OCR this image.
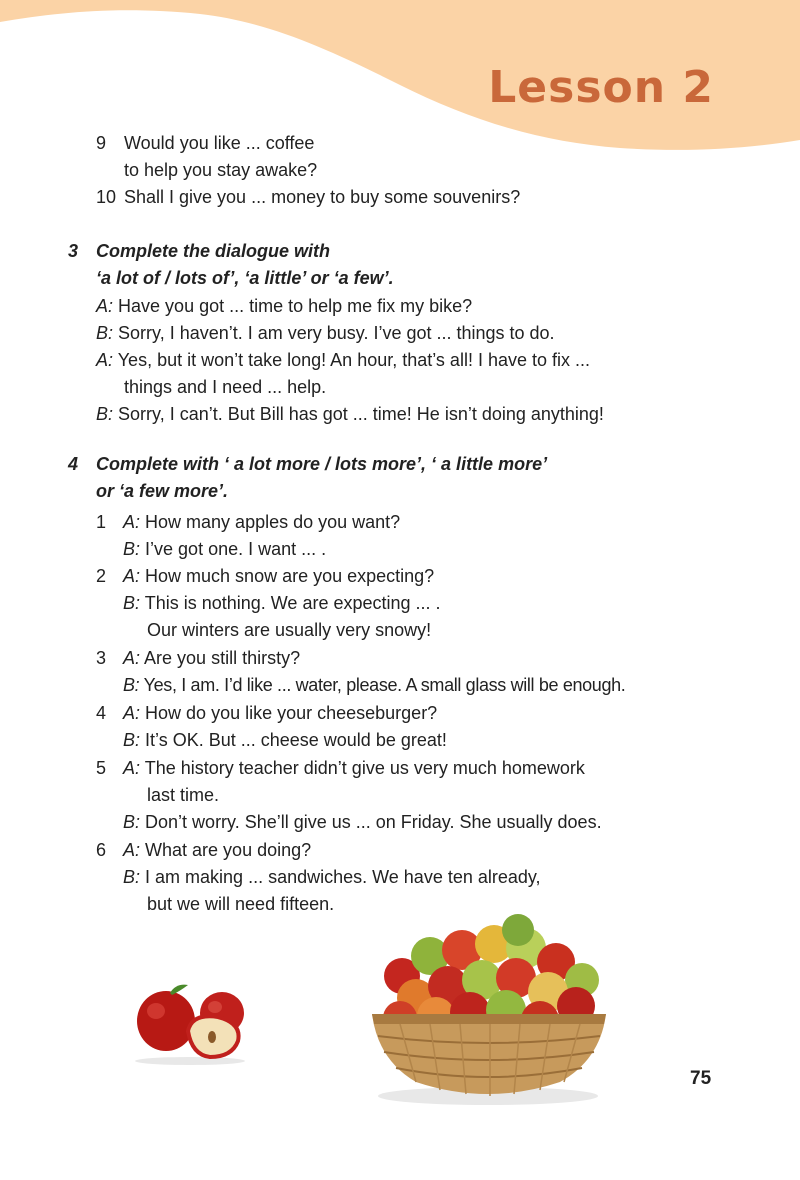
Lesson 2
9 Would you like ... coffee
to help you stay awake?
10 Shall I give you ... money to buy some souvenirs?
3 Complete the dialogue with
‘a lot of / lots of’, ‘a little’ or ‘a few’.
A: Have you got ... time to help me fix my bike?
B: Sorry, I haven’t. I am very busy. I’ve got ... things to do.
A: Yes, but it won’t take long! An hour, that’s all! I have to fix ...
things and I need ... help.
B: Sorry, I can’t. But Bill has got ... time! He isn’t doing anything!
4 Complete with ‘ a lot more / lots more’, ‘ a little more’
or ‘a few more’.
1 A: How many apples do you want?
B: I’ve got one. I want ... .
2 A: How much snow are you expecting?
B: This is nothing. We are expecting ... .
Our winters are usually very snowy!
3 A: Are you still thirsty?
B: Yes, I am. I’d like ... water, please. A small glass will be enough.
4 A: How do you like your cheeseburger?
B: It’s OK. But ... cheese would be great!
5 A: The history teacher didn’t give us very much homework
last time.
B: Don’t worry. She’ll give us ... on Friday. She usually does.
6 A: What are you doing?
B: I am making ... sandwiches. We have ten already,
but we will need fifteen.
75
